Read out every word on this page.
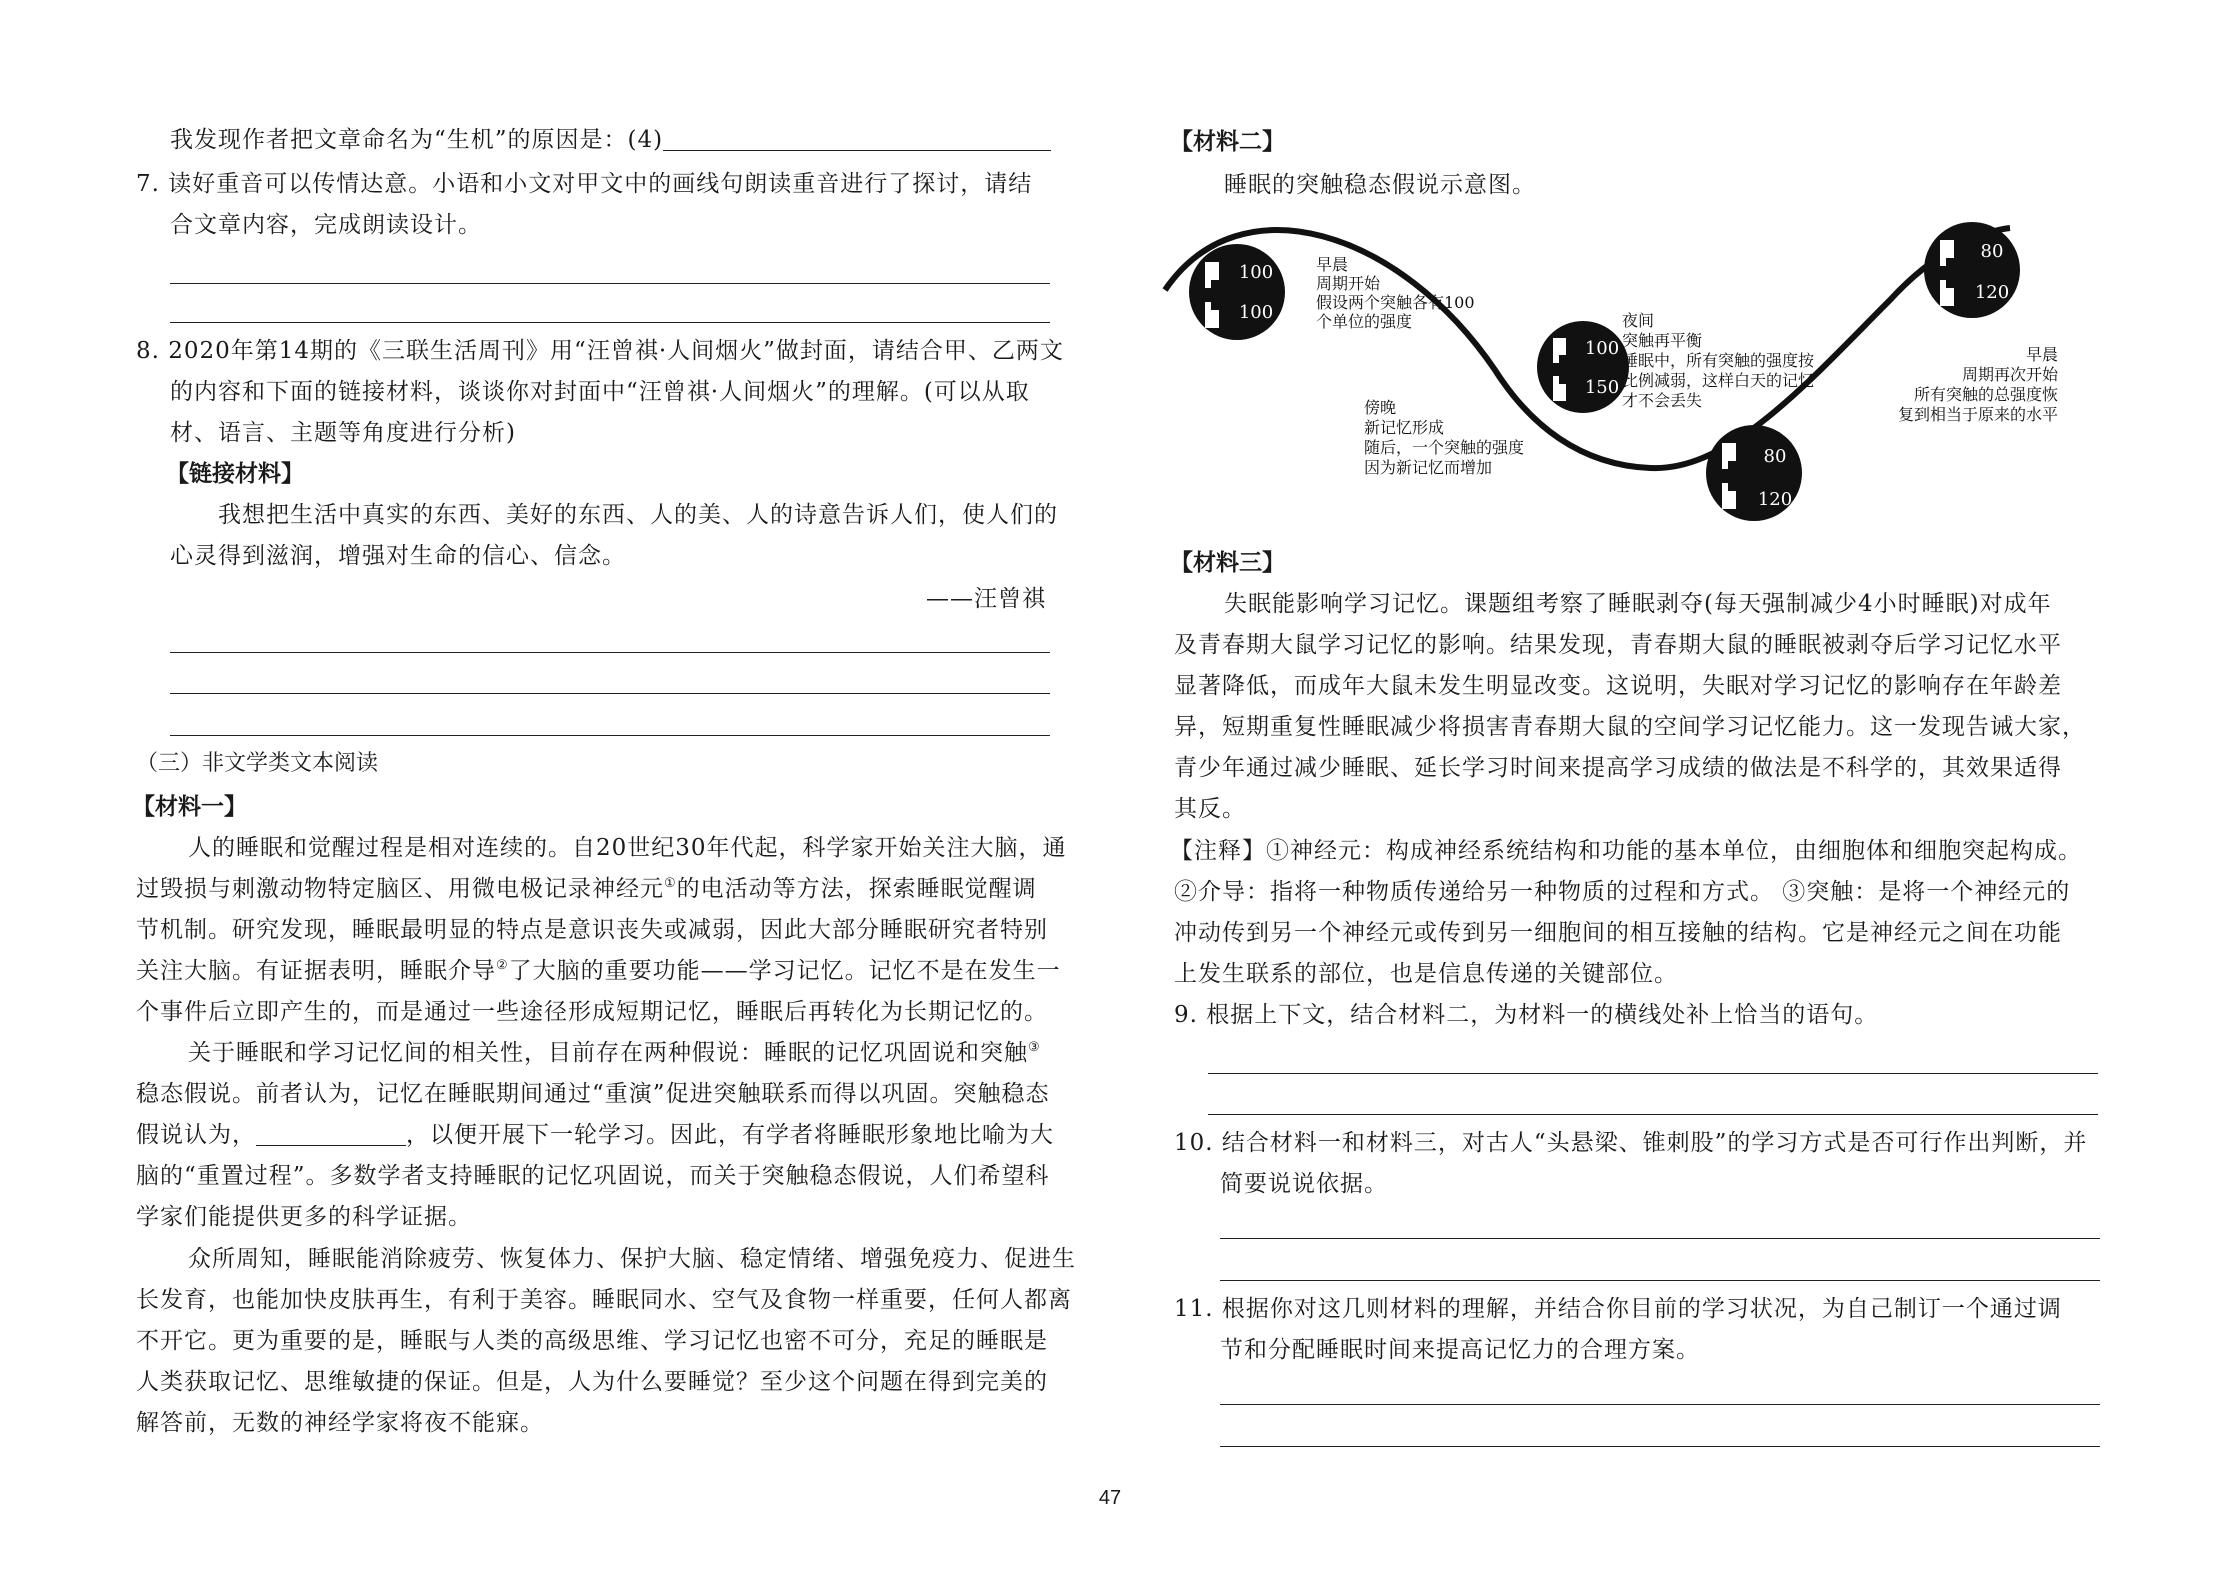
我发现作者把文章命名为“生机”的原因是：(4)
7. 读好重音可以传情达意。小语和小文对甲文中的画线句朗读重音进行了探讨，请结
合文章内容，完成朗读设计。
8. 2020年第14期的《三联生活周刊》用“汪曾祺·人间烟火”做封面，请结合甲、乙两文
的内容和下面的链接材料，谈谈你对封面中“汪曾祺·人间烟火”的理解。(可以从取
材、语言、主题等角度进行分析)
【链接材料】
我想把生活中真实的东西、美好的东西、人的美、人的诗意告诉人们，使人们的
心灵得到滋润，增强对生命的信心、信念。
——汪曾祺
（三）非文学类文本阅读
【材料一】
人的睡眠和觉醒过程是相对连续的。自20世纪30年代起，科学家开始关注大脑，通
过毁损与刺激动物特定脑区、用微电极记录神经元①的电活动等方法，探索睡眠觉醒调
节机制。研究发现，睡眠最明显的特点是意识丧失或减弱，因此大部分睡眠研究者特别
关注大脑。有证据表明，睡眠介导②了大脑的重要功能——学习记忆。记忆不是在发生一
个事件后立即产生的，而是通过一些途径形成短期记忆，睡眠后再转化为长期记忆的。
关于睡眠和学习记忆间的相关性，目前存在两种假说：睡眠的记忆巩固说和突触③
稳态假说。前者认为，记忆在睡眠期间通过“重演”促进突触联系而得以巩固。突触稳态
假说认为，	，以便开展下一轮学习。因此，有学者将睡眠形象地比喻为大
脑的“重置过程”。多数学者支持睡眠的记忆巩固说，而关于突触稳态假说，人们希望科
学家们能提供更多的科学证据。
众所周知，睡眠能消除疲劳、恢复体力、保护大脑、稳定情绪、增强免疫力、促进生
长发育，也能加快皮肤再生，有利于美容。睡眠同水、空气及食物一样重要，任何人都离
不开它。更为重要的是，睡眠与人类的高级思维、学习记忆也密不可分，充足的睡眠是
人类获取记忆、思维敏捷的保证。但是，人为什么要睡觉？至少这个问题在得到完美的
解答前，无数的神经学家将夜不能寐。
【材料二】
睡眠的突触稳态假说示意图。
100
100
100
150
80
120
80
120
早晨
周期开始
假设两个突触各有100
个单位的强度
傍晚
新记忆形成
随后，一个突触的强度
因为新记忆而增加
夜间
突触再平衡
睡眠中，所有突触的强度按
比例减弱，这样白天的记忆
才不会丢失
早晨
周期再次开始
所有突触的总强度恢
复到相当于原来的水平
【材料三】
失眠能影响学习记忆。课题组考察了睡眠剥夺(每天强制减少4小时睡眠)对成年
及青春期大鼠学习记忆的影响。结果发现，青春期大鼠的睡眠被剥夺后学习记忆水平
显著降低，而成年大鼠未发生明显改变。这说明，失眠对学习记忆的影响存在年龄差
异，短期重复性睡眠减少将损害青春期大鼠的空间学习记忆能力。这一发现告诫大家，
青少年通过减少睡眠、延长学习时间来提高学习成绩的做法是不科学的，其效果适得
其反。
【注释】①神经元：构成神经系统结构和功能的基本单位，由细胞体和细胞突起构成。
②介导：指将一种物质传递给另一种物质的过程和方式。 ③突触：是将一个神经元的
冲动传到另一个神经元或传到另一细胞间的相互接触的结构。它是神经元之间在功能
上发生联系的部位，也是信息传递的关键部位。
9. 根据上下文，结合材料二，为材料一的横线处补上恰当的语句。
10. 结合材料一和材料三，对古人“头悬梁、锥刺股”的学习方式是否可行作出判断，并
简要说说依据。
11. 根据你对这几则材料的理解，并结合你目前的学习状况，为自己制订一个通过调
节和分配睡眠时间来提高记忆力的合理方案。
47
